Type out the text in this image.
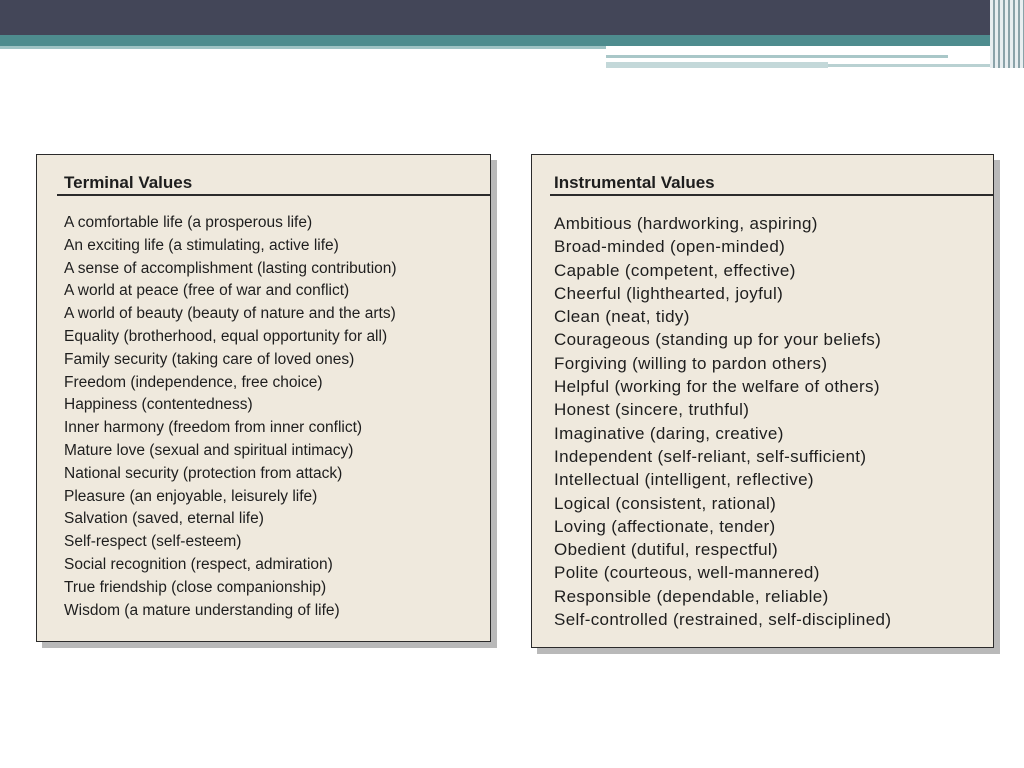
Terminal Values
A comfortable life (a prosperous life)
An exciting life (a stimulating, active life)
A sense of accomplishment (lasting contribution)
A world at peace (free of war and conflict)
A world of beauty (beauty of nature and the arts)
Equality (brotherhood, equal opportunity for all)
Family security (taking care of loved ones)
Freedom (independence, free choice)
Happiness (contentedness)
Inner harmony (freedom from inner conflict)
Mature love (sexual and spiritual intimacy)
National security (protection from attack)
Pleasure (an enjoyable, leisurely life)
Salvation (saved, eternal life)
Self-respect (self-esteem)
Social recognition (respect, admiration)
True friendship (close companionship)
Wisdom (a mature understanding of life)
Instrumental Values
Ambitious (hardworking, aspiring)
Broad-minded (open-minded)
Capable (competent, effective)
Cheerful (lighthearted, joyful)
Clean (neat, tidy)
Courageous (standing up for your beliefs)
Forgiving (willing to pardon others)
Helpful (working for the welfare of others)
Honest (sincere, truthful)
Imaginative (daring, creative)
Independent (self-reliant, self-sufficient)
Intellectual (intelligent, reflective)
Logical (consistent, rational)
Loving (affectionate, tender)
Obedient (dutiful, respectful)
Polite (courteous, well-mannered)
Responsible (dependable, reliable)
Self-controlled (restrained, self-disciplined)
